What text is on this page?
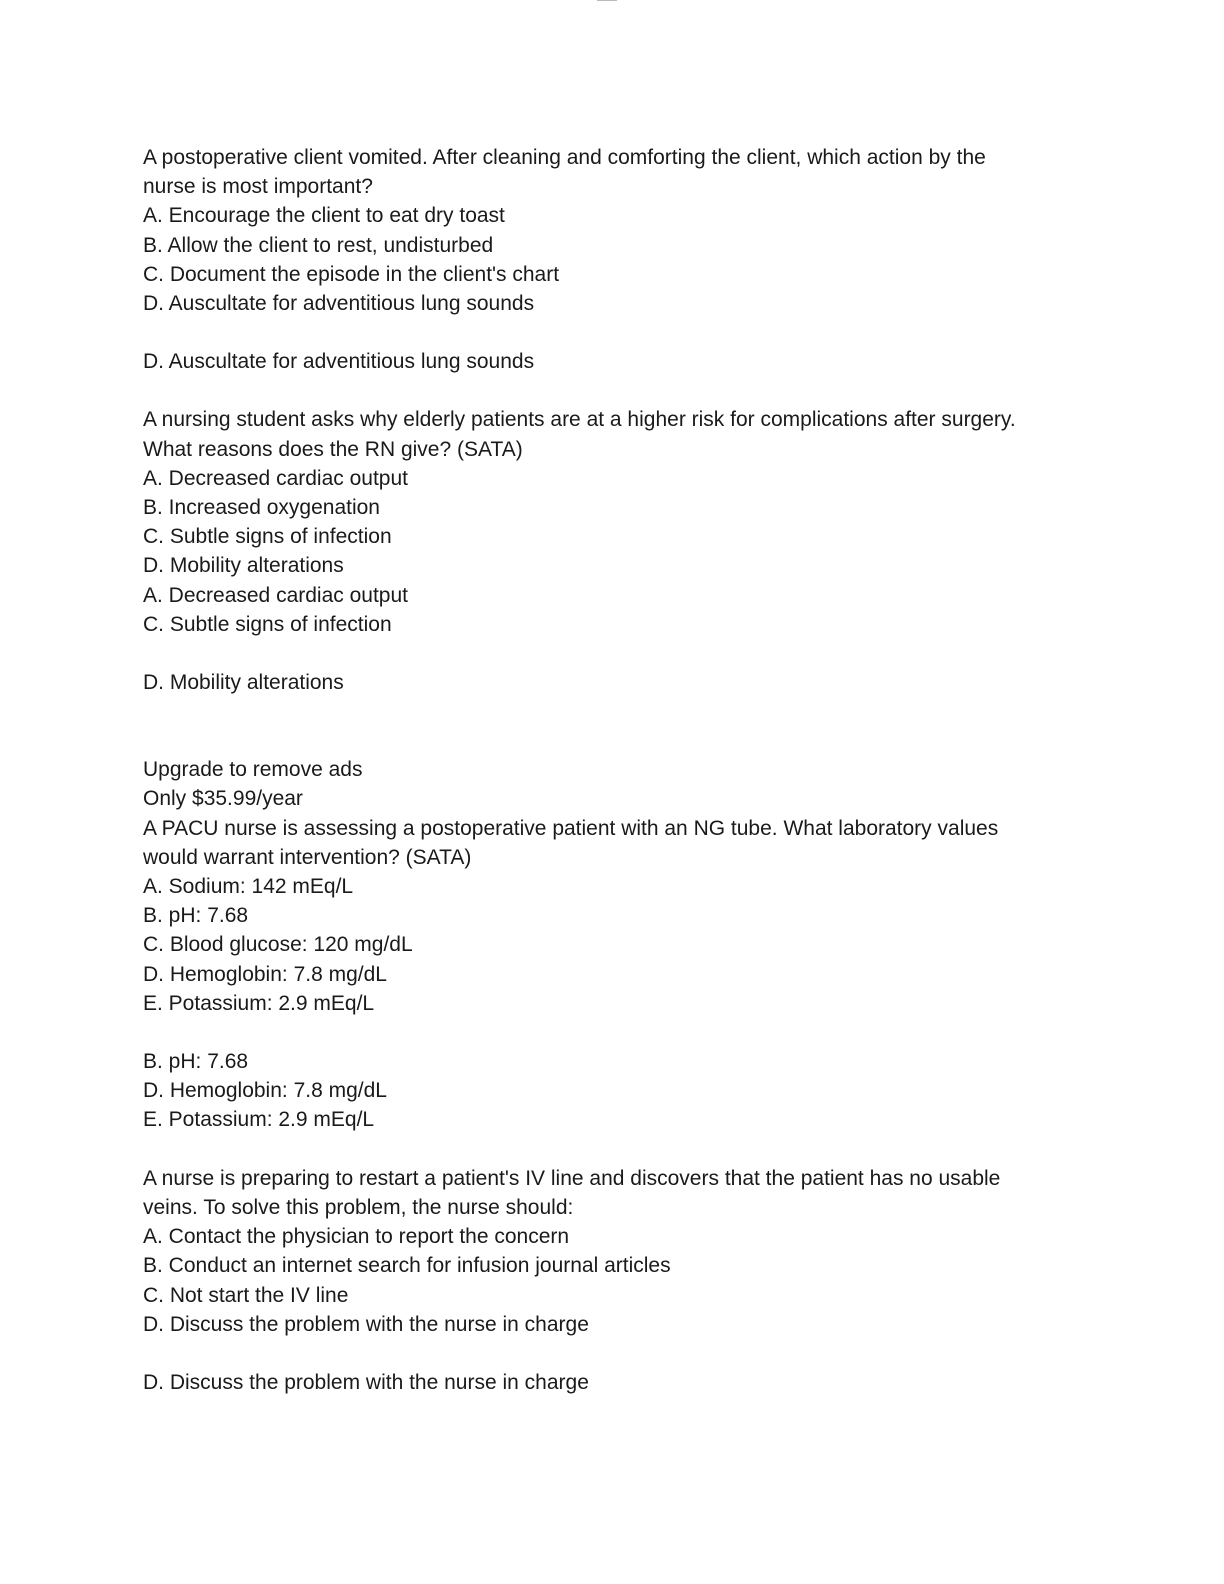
A postoperative client vomited. After cleaning and comforting the client, which action by the
nurse is most important?
A. Encourage the client to eat dry toast
B. Allow the client to rest, undisturbed
C. Document the episode in the client's chart
D. Auscultate for adventitious lung sounds
D. Auscultate for adventitious lung sounds
A nursing student asks why elderly patients are at a higher risk for complications after surgery.
What reasons does the RN give? (SATA)
A. Decreased cardiac output
B. Increased oxygenation
C. Subtle signs of infection
D. Mobility alterations
A. Decreased cardiac output
C. Subtle signs of infection
D. Mobility alterations
Upgrade to remove ads
Only $35.99/year
A PACU nurse is assessing a postoperative patient with an NG tube. What laboratory values
would warrant intervention? (SATA)
A. Sodium: 142 mEq/L
B. pH: 7.68
C. Blood glucose: 120 mg/dL
D. Hemoglobin: 7.8 mg/dL
E. Potassium: 2.9 mEq/L
B. pH: 7.68
D. Hemoglobin: 7.8 mg/dL
E. Potassium: 2.9 mEq/L
A nurse is preparing to restart a patient's IV line and discovers that the patient has no usable
veins. To solve this problem, the nurse should:
A. Contact the physician to report the concern
B. Conduct an internet search for infusion journal articles
C. Not start the IV line
D. Discuss the problem with the nurse in charge
D. Discuss the problem with the nurse in charge
